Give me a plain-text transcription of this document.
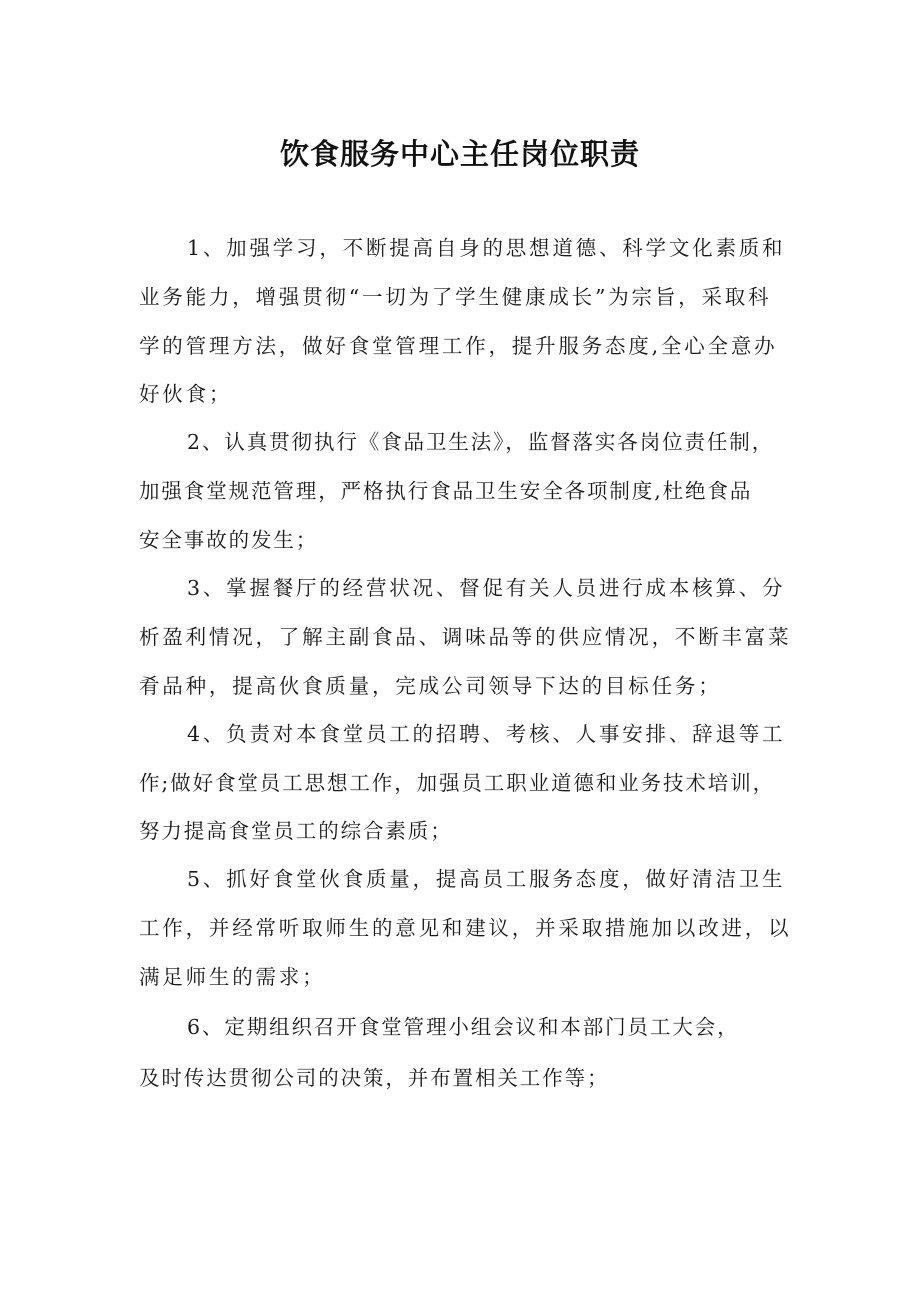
饮食服务中心主任岗位职责
1、加强学习，不断提高自身的思想道德、科学文化素质和
业务能力，增强贯彻“一切为了学生健康成长”为宗旨，采取科
学的管理方法，做好食堂管理工作，提升服务态度,全心全意办
好伙食；
2、认真贯彻执行《食品卫生法》，监督落实各岗位责任制，
加强食堂规范管理，严格执行食品卫生安全各项制度,杜绝食品
安全事故的发生；
3、掌握餐厅的经营状况、督促有关人员进行成本核算、分
析盈利情况，了解主副食品、调味品等的供应情况，不断丰富菜
肴品种，提高伙食质量，完成公司领导下达的目标任务；
4、负责对本食堂员工的招聘、考核、人事安排、辞退等工
作;做好食堂员工思想工作，加强员工职业道德和业务技术培训，
努力提高食堂员工的综合素质；
5、抓好食堂伙食质量，提高员工服务态度，做好清洁卫生
工作，并经常听取师生的意见和建议，并采取措施加以改进，以
满足师生的需求；
6、定期组织召开食堂管理小组会议和本部门员工大会，
及时传达贯彻公司的决策，并布置相关工作等；
